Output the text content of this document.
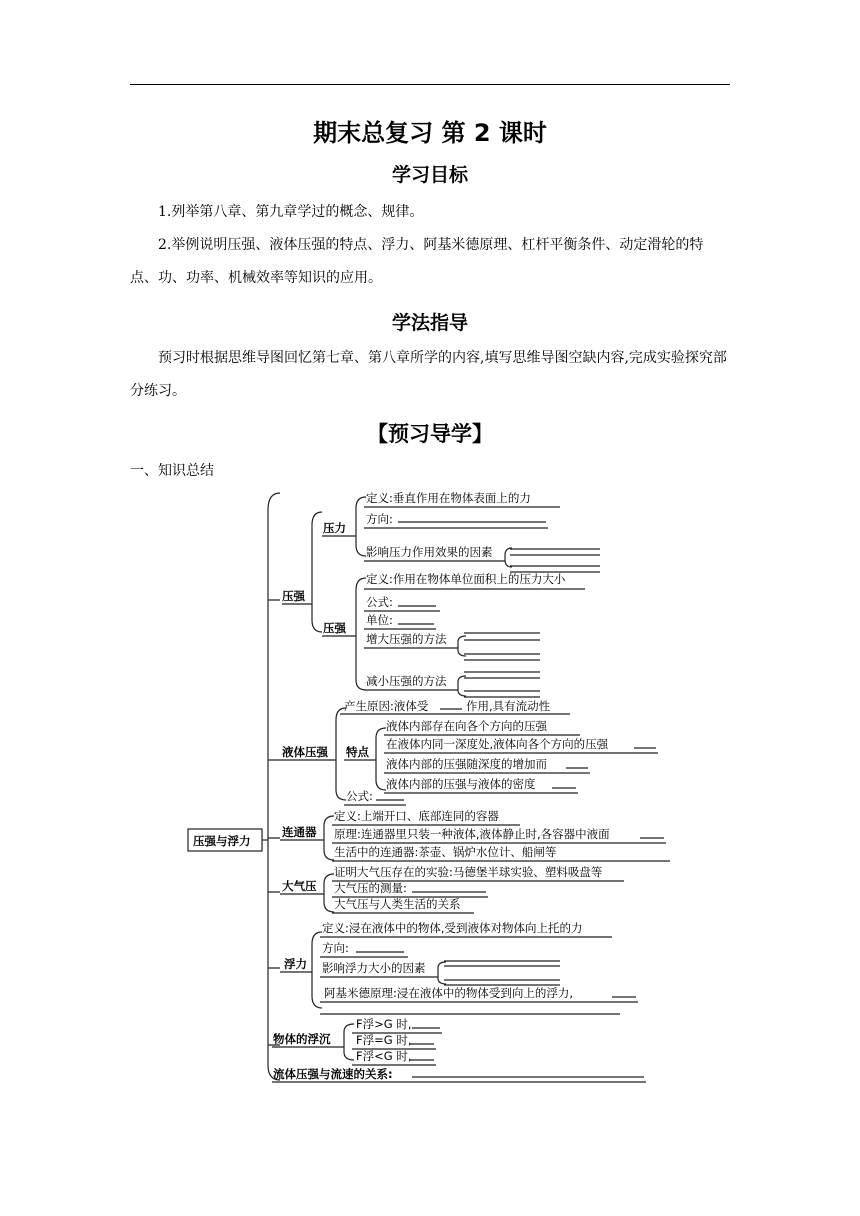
期末总复习 第 2 课时
学习目标
1.列举第八章、第九章学过的概念、规律。
2.举例说明压强、液体压强的特点、浮力、阿基米德原理、杠杆平衡条件、动定滑轮的特点、功、功率、机械效率等知识的应用。
学法指导
预习时根据思维导图回忆第七章、第八章所学的内容,填写思维导图空缺内容,完成实验探究部分练习。
【预习导学】
一、知识总结
压强与浮力
压强
压力
定义:垂直作用在物体表面上的力
方向:
影响压力作用效果的因素
压强
定义:作用在物体单位面积上的压力大小
公式:
单位:
增大压强的方法
减小压强的方法
液体压强
产生原因:液体受	作用,具有流动性
特点
液体内部存在向各个方向的压强
在液体内同一深度处,液体向各个方向的压强
液体内部的压强随深度的增加而
液体内部的压强与液体的密度
公式:
连通器
定义:上端开口、底部连同的容器
原理:连通器里只装一种液体,液体静止时,各容器中液面
生活中的连通器:茶壶、锅炉水位计、船闸等
大气压
证明大气压存在的实验:马德堡半球实验、塑料吸盘等
大气压的测量:
大气压与人类生活的关系
浮力
定义:浸在液体中的物体,受到液体对物体向上托的力
方向:
影响浮力大小的因素
阿基米德原理:浸在液体中的物体受到向上的浮力,
物体的浮沉
F浮>G 时,
F浮=G 时,
F浮<G 时,
流体压强与流速的关系:
